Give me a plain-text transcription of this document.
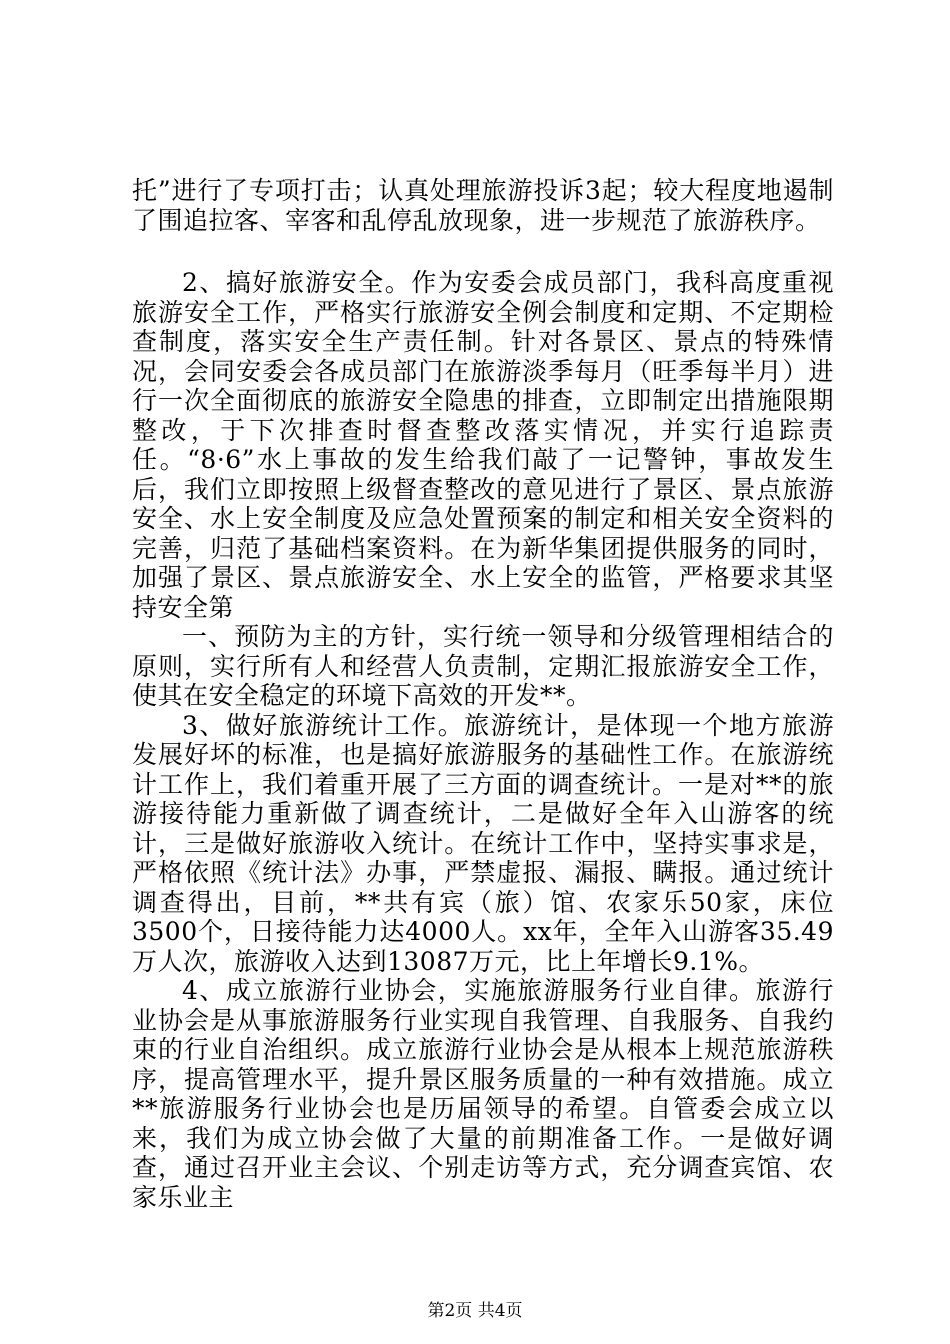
托”进行了专项打击；认真处理旅游投诉3起；较大程度地遏制了围追拉客、宰客和乱停乱放现象，进一步规范了旅游秩序。

2、搞好旅游安全。作为安委会成员部门，我科高度重视旅游安全工作，严格实行旅游安全例会制度和定期、不定期检查制度，落实安全生产责任制。针对各景区、景点的特殊情况，会同安委会各成员部门在旅游淡季每月（旺季每半月）进行一次全面彻底的旅游安全隐患的排查，立即制定出措施限期整改，于下次排查时督查整改落实情况，并实行追踪责任。“8·6”水上事故的发生给我们敲了一记警钟，事故发生后，我们立即按照上级督查整改的意见进行了景区、景点旅游安全、水上安全制度及应急处置预案的制定和相关安全资料的完善，归范了基础档案资料。在为新华集团提供服务的同时，加强了景区、景点旅游安全、水上安全的监管，严格要求其坚持安全第

一、预防为主的方针，实行统一领导和分级管理相结合的原则，实行所有人和经营人负责制，定期汇报旅游安全工作，使其在安全稳定的环境下高效的开发**。

3、做好旅游统计工作。旅游统计，是体现一个地方旅游发展好坏的标准，也是搞好旅游服务的基础性工作。在旅游统计工作上，我们着重开展了三方面的调查统计。一是对**的旅游接待能力重新做了调查统计，二是做好全年入山游客的统计，三是做好旅游收入统计。在统计工作中，坚持实事求是，严格依照《统计法》办事，严禁虚报、漏报、瞒报。通过统计调查得出，目前，**共有宾（旅）馆、农家乐50家，床位3500个，日接待能力达4000人。xx年，全年入山游客35.49万人次，旅游收入达到13087万元，比上年增长9.1%。

4、成立旅游行业协会，实施旅游服务行业自律。旅游行业协会是从事旅游服务行业实现自我管理、自我服务、自我约束的行业自治组织。成立旅游行业协会是从根本上规范旅游秩序，提高管理水平，提升景区服务质量的一种有效措施。成立**旅游服务行业协会也是历届领导的希望。自管委会成立以来，我们为成立协会做了大量的前期准备工作。一是做好调查，通过召开业主会议、个别走访等方式，充分调查宾馆、农家乐业主

第2页 共4页
